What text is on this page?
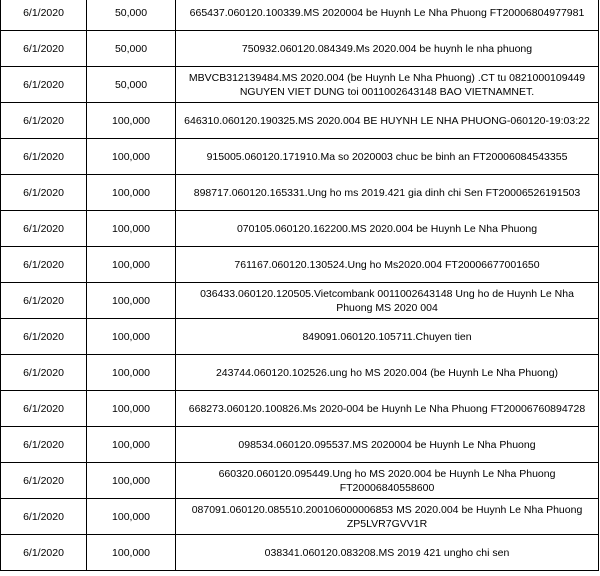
6/1/2020	50,000	665437.060120.100339.MS 2020004 be Huynh Le Nha Phuong FT20006804977981
6/1/2020	50,000	750932.060120.084349.Ms 2020.004 be huynh le nha phuong
6/1/2020	50,000	MBVCB312139484.MS 2020.004 (be Huynh Le Nha Phuong) .CT tu 0821000109449
NGUYEN VIET DUNG toi 0011002643148 BAO VIETNAMNET.
6/1/2020	100,000	646310.060120.190325.MS 2020.004 BE HUYNH LE NHA PHUONG-060120-19:03:22
6/1/2020	100,000	915005.060120.171910.Ma so 2020003 chuc be binh an FT20006084543355
6/1/2020	100,000	898717.060120.165331.Ung ho ms 2019.421 gia dinh chi Sen FT20006526191503
6/1/2020	100,000	070105.060120.162200.MS 2020.004 be Huynh Le Nha Phuong
6/1/2020	100,000	761167.060120.130524.Ung ho Ms2020.004 FT20006677001650
6/1/2020	100,000	036433.060120.120505.Vietcombank 0011002643148 Ung ho de Huynh Le Nha
Phuong MS 2020 004
6/1/2020	100,000	849091.060120.105711.Chuyen tien
6/1/2020	100,000	243744.060120.102526.ung ho MS 2020.004 (be Huynh Le Nha Phuong)
6/1/2020	100,000	668273.060120.100826.Ms 2020-004 be Huynh Le Nha Phuong FT20006760894728
6/1/2020	100,000	098534.060120.095537.MS 2020004 be Huynh Le Nha Phuong
6/1/2020	100,000	660320.060120.095449.Ung ho MS 2020.004 be Huynh Le Nha Phuong FT20006840558600
6/1/2020	100,000	087091.060120.085510.200106000006853 MS 2020.004 be Huynh Le Nha Phuong
ZP5LVR7GVV1R
6/1/2020	100,000	038341.060120.083208.MS 2019 421 ungho chi sen
